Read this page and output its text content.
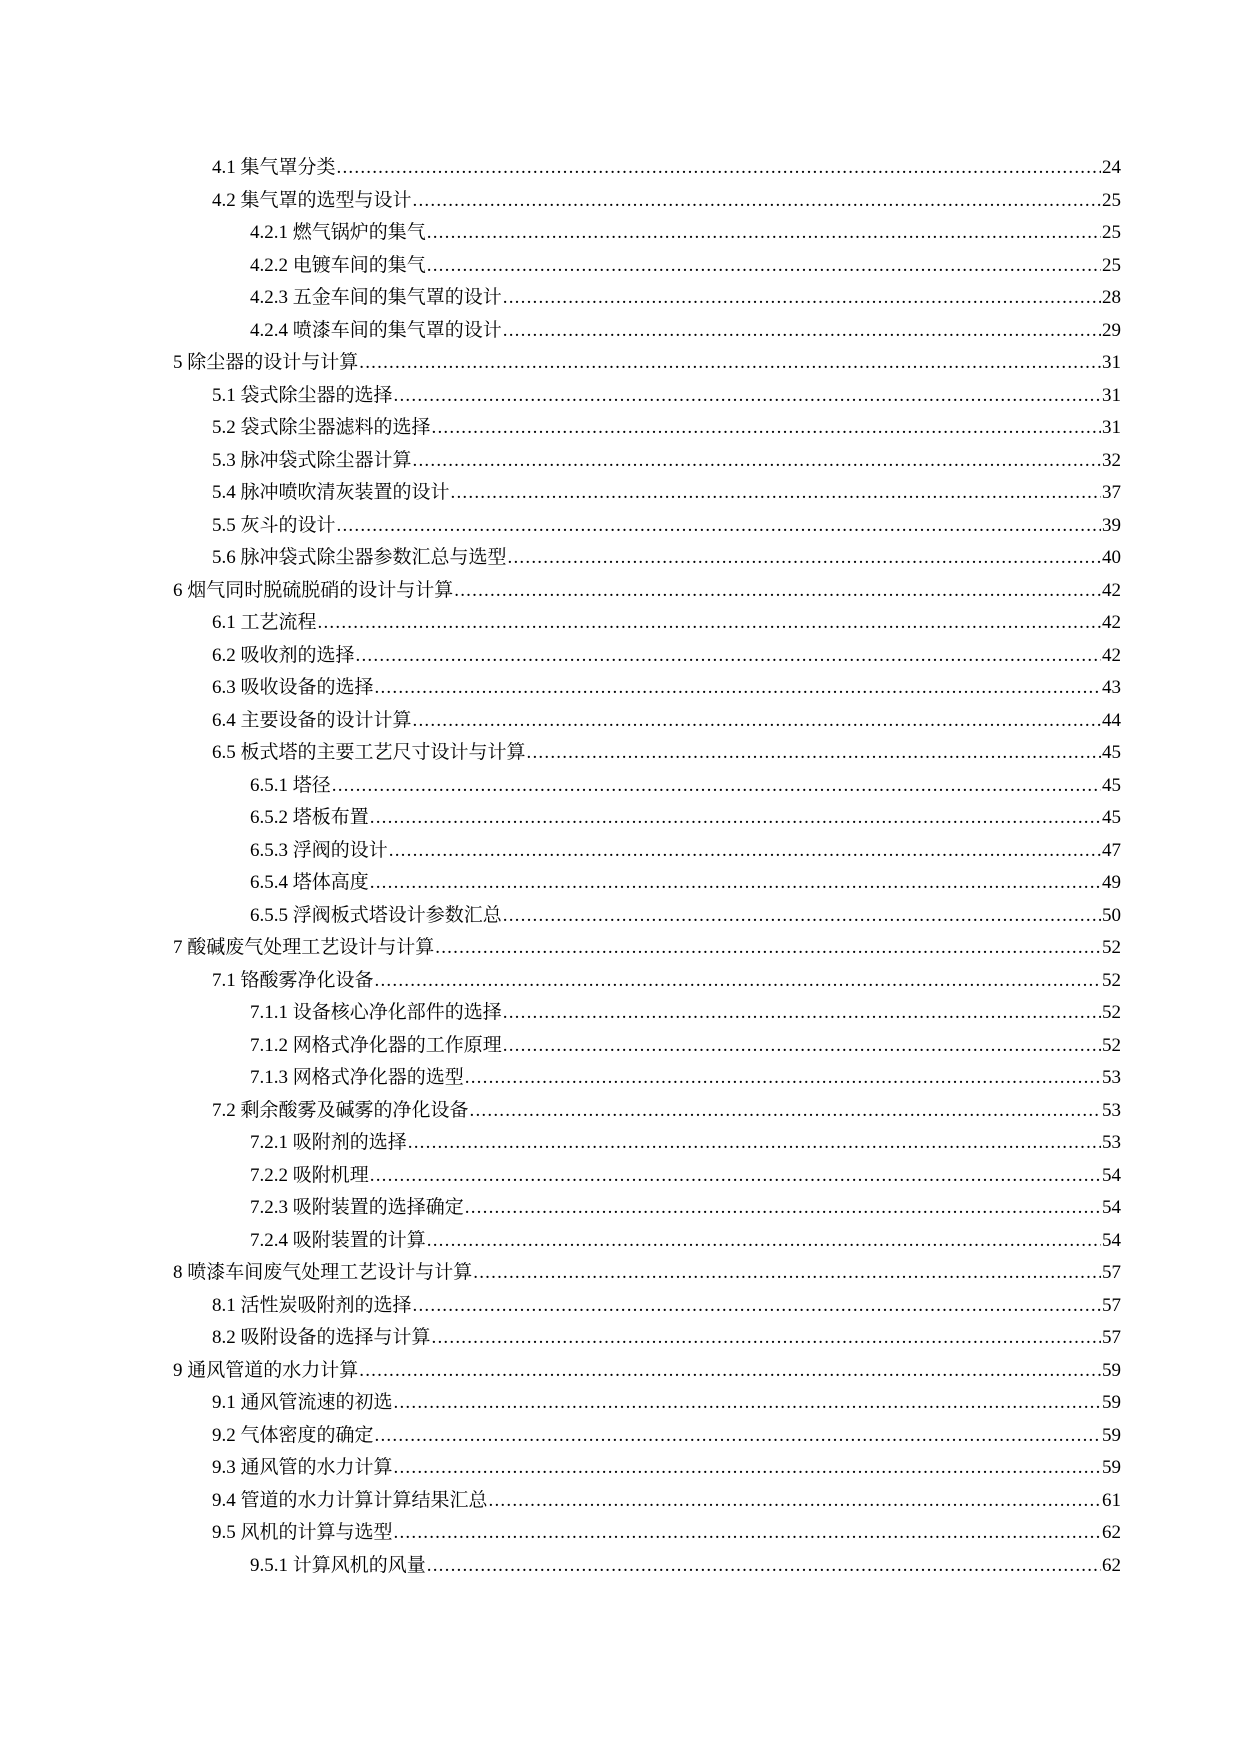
4.1 集气罩分类 .....	24
4.2 集气罩的选型与设计 .....	25
4.2.1 燃气锅炉的集气 .....	25
4.2.2 电镀车间的集气 .....	25
4.2.3 五金车间的集气罩的设计 .....	28
4.2.4 喷漆车间的集气罩的设计 .....	29
5 除尘器的设计与计算 .....	31
5.1 袋式除尘器的选择 .....	31
5.2 袋式除尘器滤料的选择 .....	31
5.3 脉冲袋式除尘器计算 .....	32
5.4 脉冲喷吹清灰装置的设计 .....	37
5.5 灰斗的设计 .....	39
5.6 脉冲袋式除尘器参数汇总与选型 .....	40
6 烟气同时脱硫脱硝的设计与计算 .....	42
6.1 工艺流程 .....	42
6.2 吸收剂的选择 .....	42
6.3 吸收设备的选择 .....	43
6.4 主要设备的设计计算 .....	44
6.5 板式塔的主要工艺尺寸设计与计算 .....	45
6.5.1 塔径 .....	45
6.5.2 塔板布置 .....	45
6.5.3 浮阀的设计 .....	47
6.5.4 塔体高度 .....	49
6.5.5 浮阀板式塔设计参数汇总 .....	50
7 酸碱废气处理工艺设计与计算 .....	52
7.1 铬酸雾净化设备 .....	52
7.1.1 设备核心净化部件的选择 .....	52
7.1.2 网格式净化器的工作原理 .....	52
7.1.3 网格式净化器的选型 .....	53
7.2 剩余酸雾及碱雾的净化设备 .....	53
7.2.1 吸附剂的选择 .....	53
7.2.2 吸附机理 .....	54
7.2.3 吸附装置的选择确定 .....	54
7.2.4 吸附装置的计算 .....	54
8 喷漆车间废气处理工艺设计与计算 .....	57
8.1 活性炭吸附剂的选择 .....	57
8.2 吸附设备的选择与计算 .....	57
9 通风管道的水力计算 .....	59
9.1 通风管流速的初选 .....	59
9.2 气体密度的确定 .....	59
9.3 通风管的水力计算 .....	59
9.4 管道的水力计算计算结果汇总 .....	61
9.5 风机的计算与选型 .....	62
9.5.1 计算风机的风量 .....	62
